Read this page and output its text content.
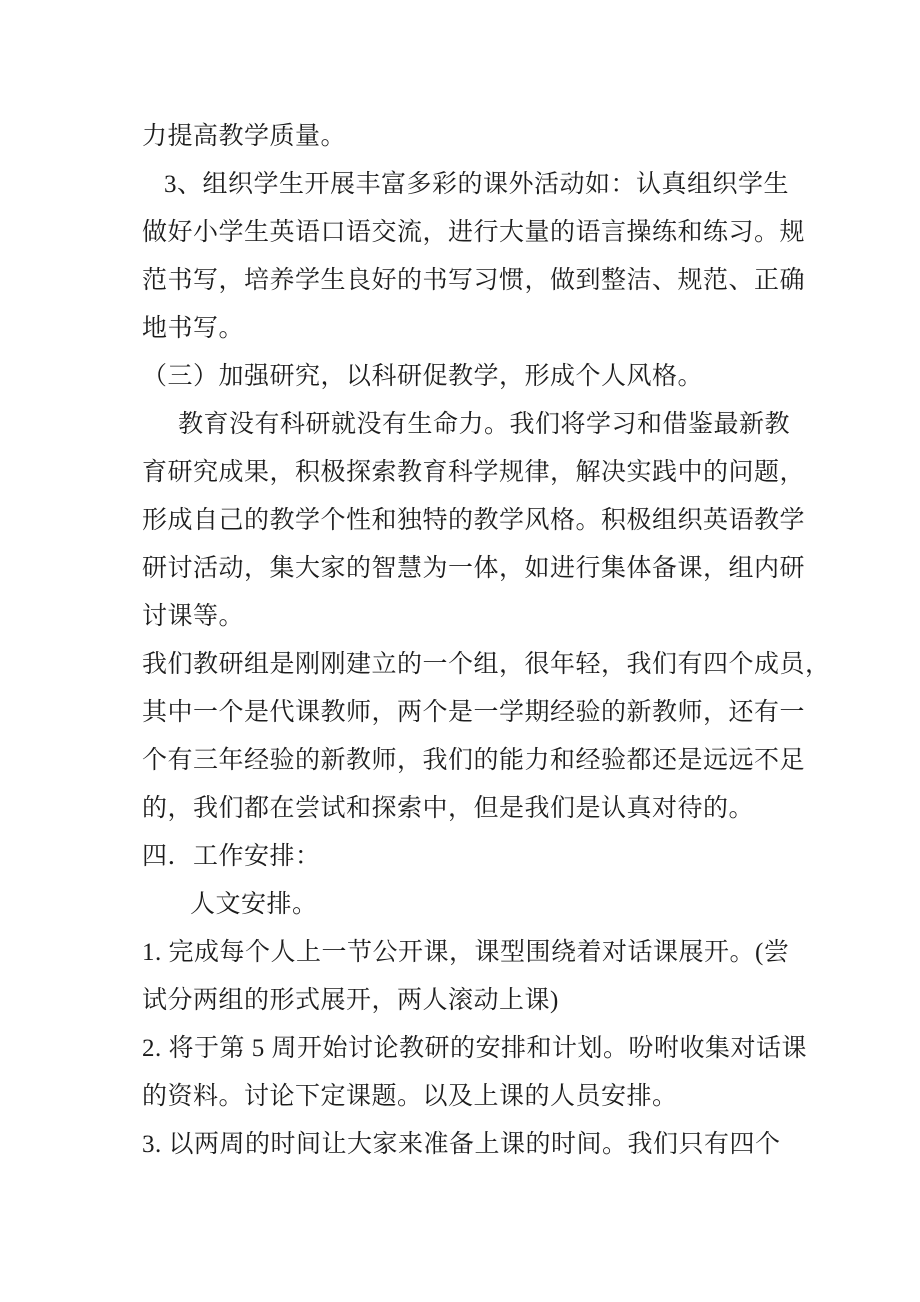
力提高教学质量。
3、组织学生开展丰富多彩的课外活动如：认真组织学生
做好小学生英语口语交流，进行大量的语言操练和练习。规
范书写，培养学生良好的书写习惯，做到整洁、规范、正确
地书写。
（三）加强研究，以科研促教学，形成个人风格。
教育没有科研就没有生命力。我们将学习和借鉴最新教
育研究成果，积极探索教育科学规律，解决实践中的问题，
形成自己的教学个性和独特的教学风格。积极组织英语教学
研讨活动，集大家的智慧为一体，如进行集体备课，组内研
讨课等。
我们教研组是刚刚建立的一个组，很年轻，我们有四个成员，
其中一个是代课教师，两个是一学期经验的新教师，还有一
个有三年经验的新教师，我们的能力和经验都还是远远不足
的，我们都在尝试和探索中，但是我们是认真对待的。
四．工作安排：
人文安排。
1. 完成每个人上一节公开课，课型围绕着对话课展开。(尝
试分两组的形式展开，两人滚动上课)
2. 将于第 5 周开始讨论教研的安排和计划。吩咐收集对话课
的资料。讨论下定课题。以及上课的人员安排。
3. 以两周的时间让大家来准备上课的时间。我们只有四个
